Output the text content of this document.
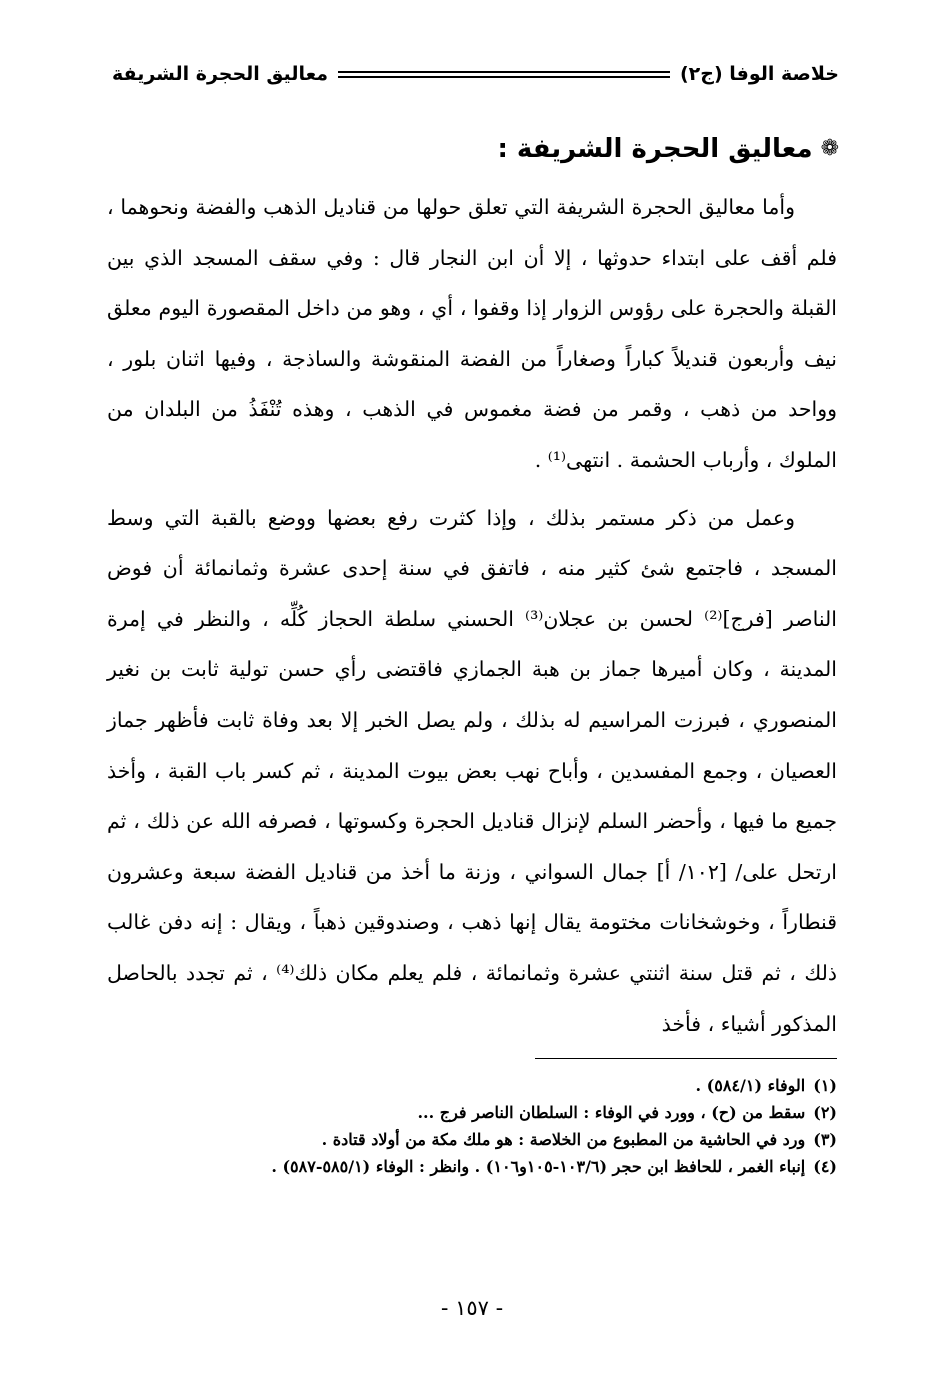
خلاصة الوفا (ج٢)
معاليق الحجرة الشريفة
❁
معاليق الحجرة الشريفة :

وأما معاليق الحجرة الشريفة التي تعلق حولها من قناديل الذهب والفضة ونحوهما ، فلم أقف على ابتداء حدوثها ، إلا أن ابن النجار قال : وفي سقف المسجد الذي بين القبلة والحجرة على رؤوس الزوار إذا وقفوا ، أي ، وهو من داخل المقصورة اليوم معلق نيف وأربعون قنديلاً كباراً وصغاراً من الفضة المنقوشة والساذجة ، وفيها اثنان بلور ، وواحد من ذهب ، وقمر من فضة مغموس في الذهب ، وهذه تُنْفَذُ من البلدان من الملوك ، وأرباب الحشمة . انتهى⁽¹⁾ .

وعمل من ذكر مستمر بذلك ، وإذا كثرت رفع بعضها ووضع بالقبة التي وسط المسجد ، فاجتمع شئ كثير منه ، فاتفق في سنة إحدى عشرة وثمانمائة أن فوض الناصر [فرج]⁽²⁾ لحسن بن عجلان⁽³⁾ الحسني سلطة الحجاز كُلِّه ، والنظر في إمرة المدينة ، وكان أميرها جماز بن هبة الجمازي فاقتضى رأي حسن تولية ثابت بن نغير المنصوري ، فبرزت المراسيم له بذلك ، ولم يصل الخبر إلا بعد وفاة ثابت فأظهر جماز العصيان ، وجمع المفسدين ، وأباح نهب بعض بيوت المدينة ، ثم كسر باب القبة ، وأخذ جميع ما فيها ، وأحضر السلم لإنزال قناديل الحجرة وكسوتها ، فصرفه الله عن ذلك ، ثم ارتحل على/ [١٠٢/ أ] جمال السواني ، وزنة ما أخذ من قناديل الفضة سبعة وعشرون قنطاراً ، وخوشخانات مختومة يقال إنها ذهب ، وصندوقين ذهباً ، ويقال : إنه دفن غالب ذلك ، ثم قتل سنة اثنتي عشرة وثمانمائة ، فلم يعلم مكان ذلك⁽⁴⁾ ، ثم تجدد بالحاصل المذكور أشياء ، فأخذ

(١)الوفاء (٥٨٤/١) .
(٢)سقط من (ح) ، وورد في الوفاء : السلطان الناصر فرج ...
(٣)ورد في الحاشية من المطبوع من الخلاصة : هو ملك مكة من أولاد قتادة .
(٤)إنباء الغمر ، للحافظ ابن حجر (١٠٣/٦-١٠٥و١٠٦) . وانظر : الوفاء (٥٨٥/١-٥٨٧) .
- ١٥٧ -
